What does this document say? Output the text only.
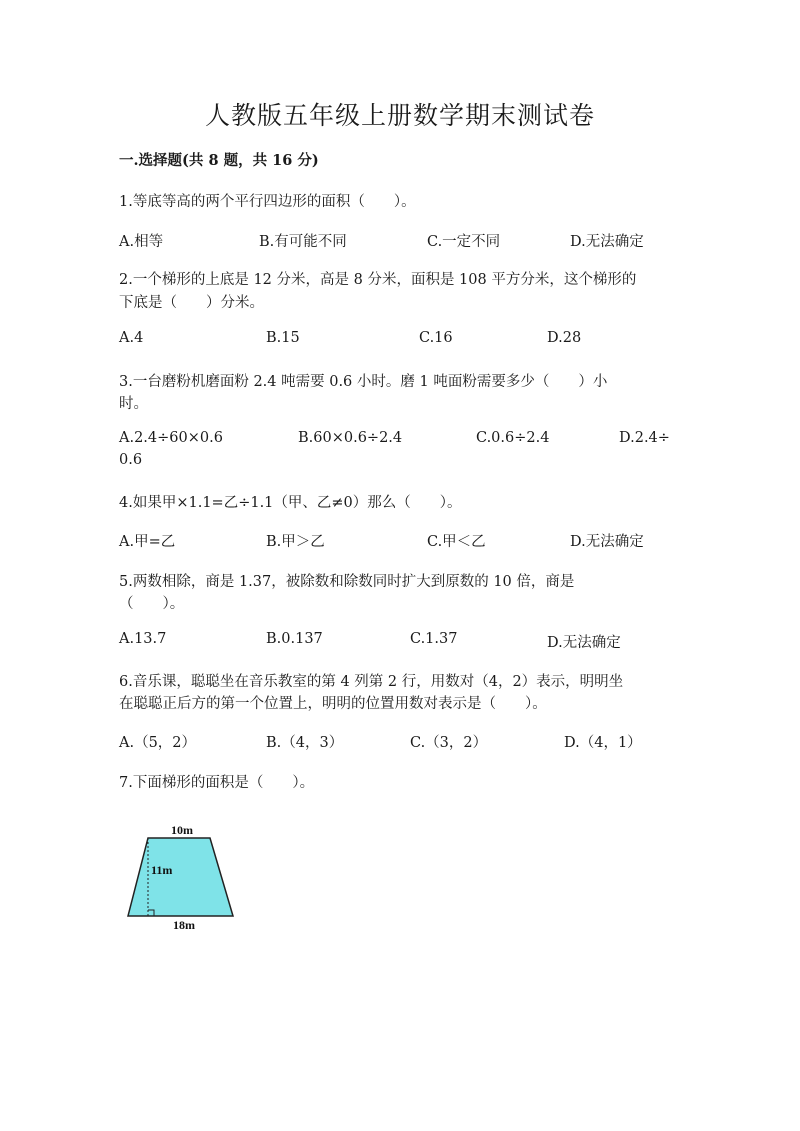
人教版五年级上册数学期末测试卷
一.选择题(共 8 题，共 16 分)
1.等底等高的两个平行四边形的面积（　　）。
A.相等	B.有可能不同	C.一定不同	D.无法确定
2.一个梯形的上底是 12 分米，高是 8 分米，面积是 108 平方分米，这个梯形的
下底是（　　）分米。
A.4	B.15	C.16	D.28
3.一台磨粉机磨面粉 2.4 吨需要 0.6 小时。磨 1 吨面粉需要多少（　　）小
时。
A.2.4÷60×0.6	B.60×0.6÷2.4	C.0.6÷2.4	D.2.4÷
0.6
4.如果甲×1.1=乙÷1.1（甲、乙≠0）那么（　　）。
A.甲=乙	B.甲＞乙	C.甲＜乙	D.无法确定
5.两数相除，商是 1.37，被除数和除数同时扩大到原数的 10 倍，商是
（　　）。
A.13.7	B.0.137	C.1.37	D.无法确定
6.音乐课，聪聪坐在音乐教室的第 4 列第 2 行，用数对（4，2）表示，明明坐
在聪聪正后方的第一个位置上，明明的位置用数对表示是（　　）。
A.（5，2）	B.（4，3）	C.（3，2）	D.（4，1）
7.下面梯形的面积是（　　）。
10m
11m
18m
